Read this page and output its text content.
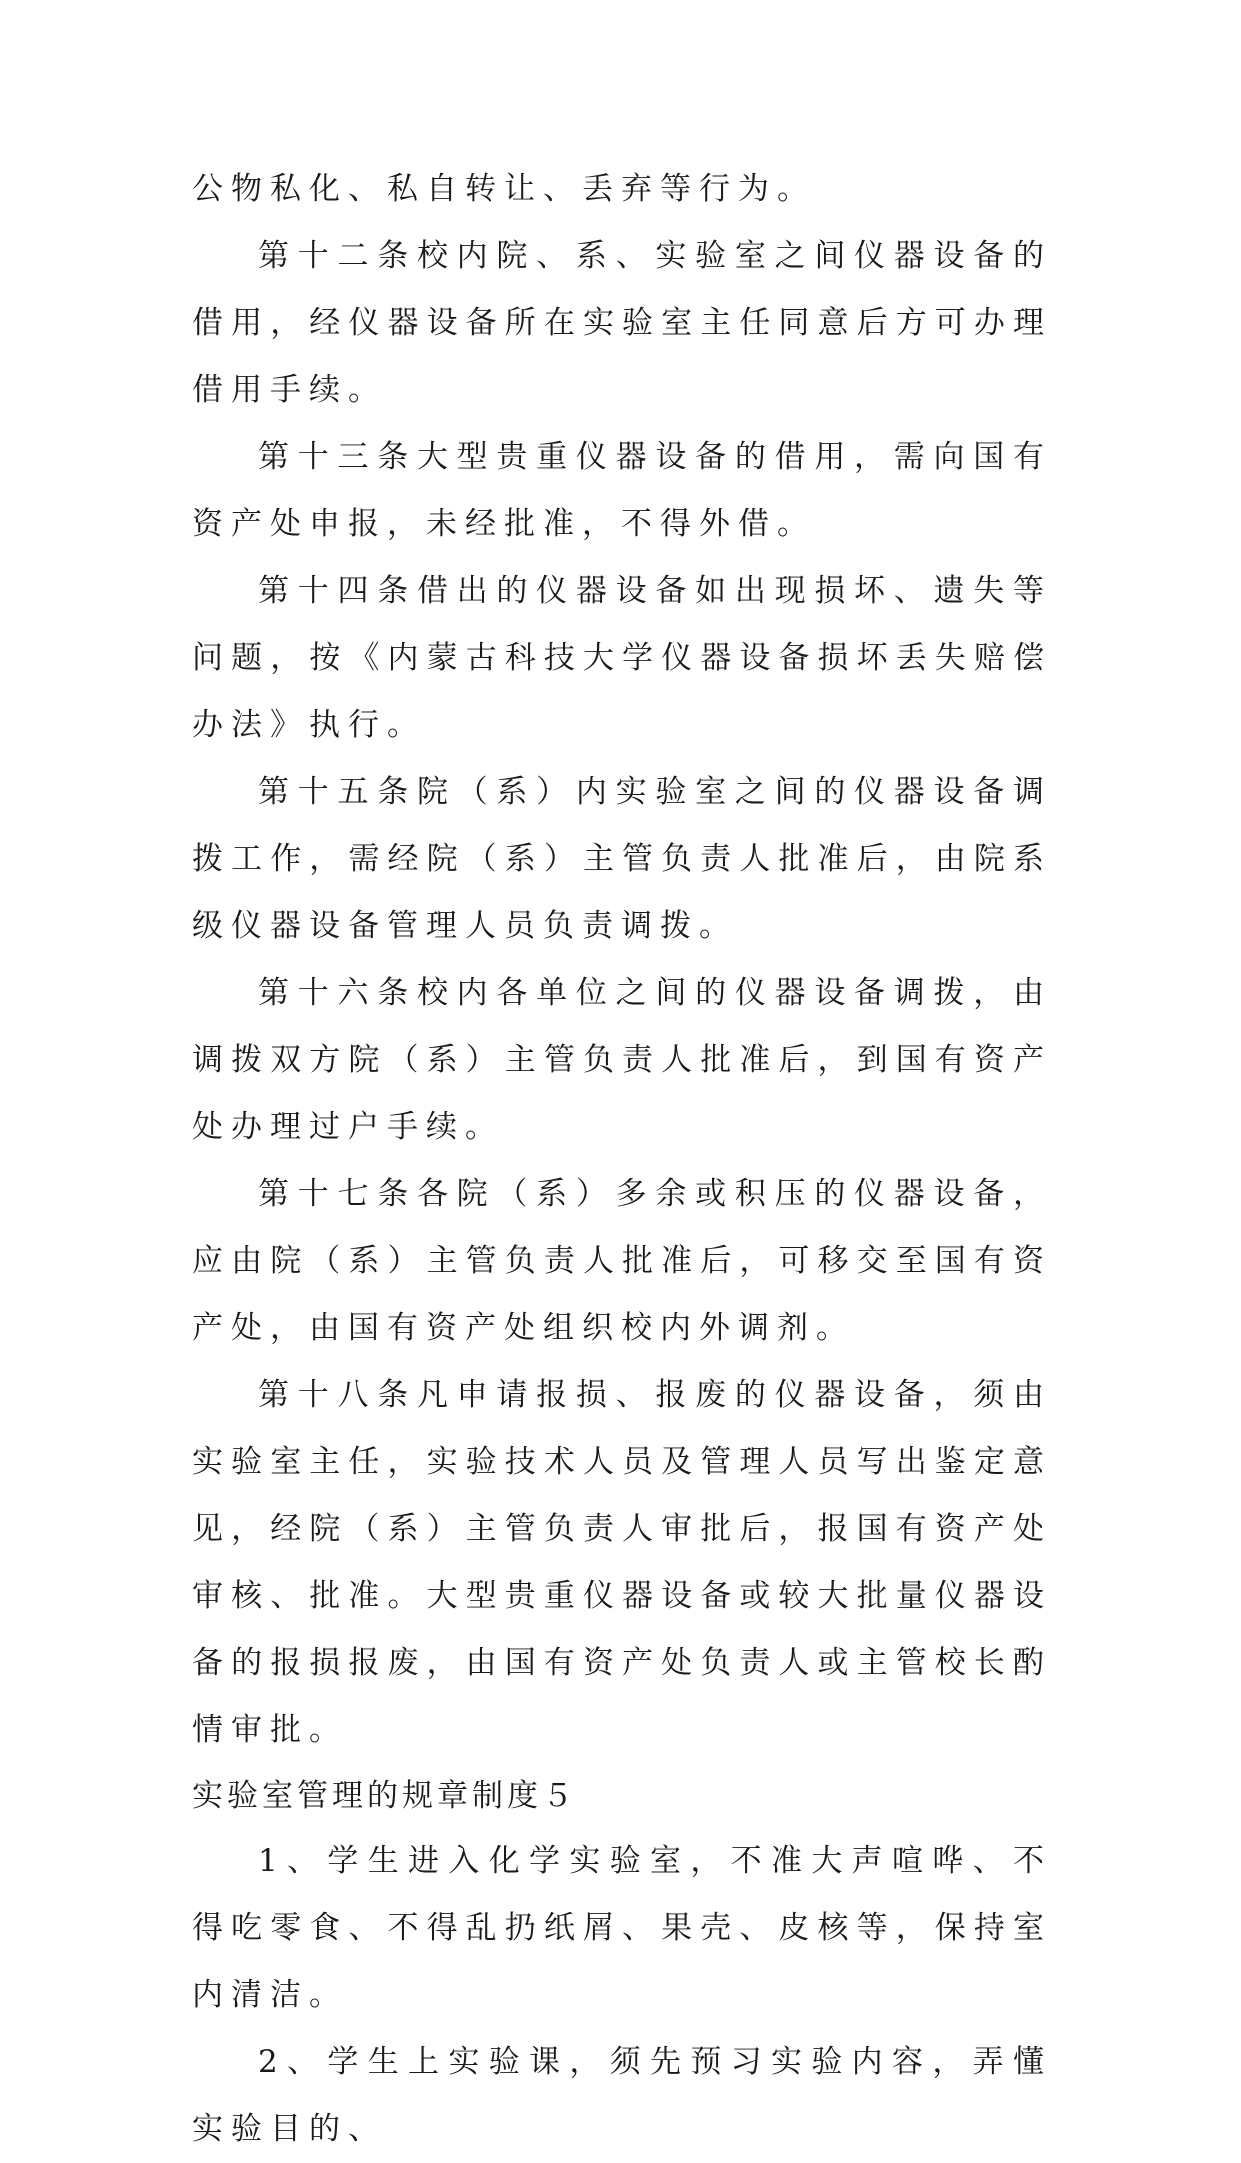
公物私化、私自转让、丢弃等行为。

第十二条校内院、系、实验室之间仪器设备的借用，经仪器设备所在实验室主任同意后方可办理借用手续。

第十三条大型贵重仪器设备的借用，需向国有资产处申报，未经批准，不得外借。

第十四条借出的仪器设备如出现损坏、遗失等问题，按《内蒙古科技大学仪器设备损坏丢失赔偿办法》执行。

第十五条院（系）内实验室之间的仪器设备调拨工作，需经院（系）主管负责人批准后，由院系级仪器设备管理人员负责调拨。

第十六条校内各单位之间的仪器设备调拨，由调拨双方院（系）主管负责人批准后，到国有资产处办理过户手续。

第十七条各院（系）多余或积压的仪器设备，应由院（系）主管负责人批准后，可移交至国有资产处，由国有资产处组织校内外调剂。

第十八条凡申请报损、报废的仪器设备，须由实验室主任，实验技术人员及管理人员写出鉴定意见，经院（系）主管负责人审批后，报国有资产处审核、批准。大型贵重仪器设备或较大批量仪器设备的报损报废，由国有资产处负责人或主管校长酌情审批。

实验室管理的规章制度５

1、学生进入化学实验室，不准大声喧哗、不得吃零食、不得乱扔纸屑、果壳、皮核等，保持室内清洁。

2、学生上实验课，须先预习实验内容，弄懂实验目的、
